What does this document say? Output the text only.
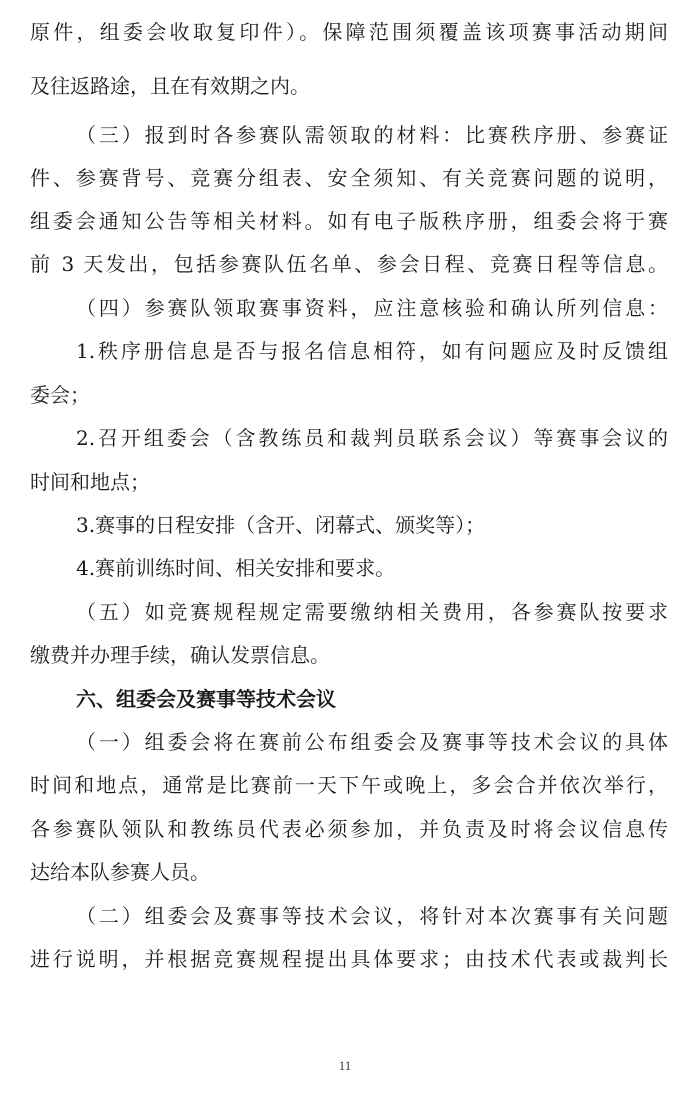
原件，组委会收取复印件）。保障范围须覆盖该项赛事活动期间
及往返路途，且在有效期之内。
（三）报到时各参赛队需领取的材料：比赛秩序册、参赛证
件、参赛背号、竞赛分组表、安全须知、有关竞赛问题的说明，
组委会通知公告等相关材料。如有电子版秩序册，组委会将于赛
前 3 天发出，包括参赛队伍名单、参会日程、竞赛日程等信息。
（四）参赛队领取赛事资料，应注意核验和确认所列信息：
1.秩序册信息是否与报名信息相符，如有问题应及时反馈组
委会；
2.召开组委会（含教练员和裁判员联系会议）等赛事会议的
时间和地点；
3.赛事的日程安排（含开、闭幕式、颁奖等）；
4.赛前训练时间、相关安排和要求。
（五）如竞赛规程规定需要缴纳相关费用，各参赛队按要求
缴费并办理手续，确认发票信息。
六、组委会及赛事等技术会议
（一）组委会将在赛前公布组委会及赛事等技术会议的具体
时间和地点，通常是比赛前一天下午或晚上，多会合并依次举行，
各参赛队领队和教练员代表必须参加，并负责及时将会议信息传
达给本队参赛人员。
（二）组委会及赛事等技术会议，将针对本次赛事有关问题
进行说明，并根据竞赛规程提出具体要求；由技术代表或裁判长
11
